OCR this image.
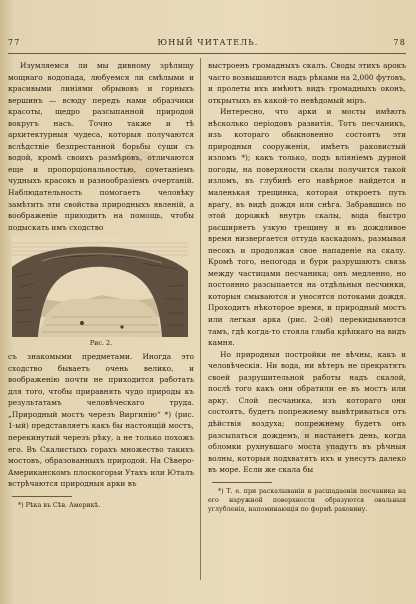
77	ЮНЫЙ ЧИТАТЕЛЬ.	78

Изумляемся ли мы дивному зрѣлищу мощнаго водопада, любуемся ли смѣлыми и красивыми линіями обрывовъ и горныхъ вершинъ — всюду передъ нами образчики красоты, щедро разсыпанной природой вокругъ насъ. Точно также и тѣ архитектурныя чудеса, которыя получаются вслѣдствіе безпрестанной борьбы суши съ водой, кромѣ своихъ размѣровъ, отличаются еще и пропорціональностью, сочетаніемъ чудныхъ красокъ и разнообразіемъ очертаній. Наблюдательность помогаетъ человѣку замѣтить эти свойства природныхъ явленій, а воображеніе приходитъ на помощь, чтобы подыскать имъ сходство

Рис. 2.

съ знакомыми предметами. Иногда это сходство бываетъ очень велико, и воображенію почти не приходится работать для того, чтобы приравнять чудо природы къ результатамъ человѣческаго труда. „Природный мостъ черезъ Виргинію“ *) (рис. 1-ый) представляетъ какъ бы настоящій мостъ, перекинутый черезъ рѣку, а не только похожъ его. Въ Скалистыхъ горахъ множество такихъ мостовъ, образованныхъ природой. На Сѣверо-Американскомъ плоскогорьи Утахъ или Юталъ встрѣчаются природныя арки въ

*) Рѣка въ Сѣв. Америкѣ.

выстроенъ громадныхъ скалъ. Своды этихъ арокъ часто возвышаются надъ рѣками на 2,000 футовъ, и пролеты ихъ имѣютъ видъ громадныхъ оконъ, открытыхъ въ какой-то невѣдомый міръ.

Интересно, что арки и мосты имѣютъ нѣсколько періодовъ развитія. Тотъ песчаникъ, изъ котораго обыкновенно состоятъ эти природныя сооруженія, имѣетъ раковистый изломъ *); какъ только, подъ вліяніемъ дурной погоды, на поверхности скалы получится такой изломъ, въ глубинѣ его навѣрное найдется и маленькая трещинка, которая откроетъ путь врагу, въ видѣ дождя или снѣга. Забравшись по этой дорожкѣ внутрь скалы, вода быстро расширяетъ узкую трещину и въ дождливое время низвергается оттуда каскадомъ, размывая песокъ и продолжая свое нападеніе на скалу. Кромѣ того, непогода и бури разрушаютъ связь между частицами песчаника; онъ медленно, но постоянно разсыпается на отдѣльныя песчинки, которыя смываются и уносятся потоками дождя. Проходитъ нѣкоторое время, и природный мостъ или легкая арка (рис. 2-ой) перекидываются тамъ, гдѣ когда-то стояла глыба крѣпкаго на видъ камня.

Но природныя постройки не вѣчны, какъ и человѣческія. Ни вода, ни вѣтеръ не прекратятъ своей разрушительной работы надъ скалой, послѣ того какъ они обратили ее въ мостъ или арку. Слой песчаника, изъ котораго они состоятъ, будетъ попрежнему вывѣтриваться отъ дѣйствія воздуха; попрежнему будетъ онъ разсыпаться дождемъ, и настанетъ день, когда обломки рухнувшаго моста упадутъ въ рѣчныя волны, которыя подхватятъ ихъ и унесутъ далеко въ море. Если же скала бы

*) Т. е. при раскалываніи и расшадаеніи песчаника на его наружной поверхности образуются овальныя углубленія, напоминающія по формѣ раковину.
